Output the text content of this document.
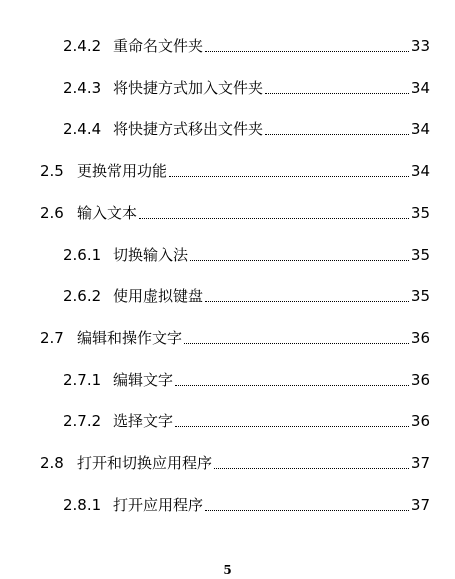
2.4.2 重命名文件夹	33
2.4.3 将快捷方式加入文件夹	34
2.4.4 将快捷方式移出文件夹	34
2.5 更换常用功能	34
2.6 输入文本	35
2.6.1 切换输入法	35
2.6.2 使用虚拟键盘	35
2.7 编辑和操作文字	36
2.7.1 编辑文字	36
2.7.2 选择文字	36
2.8 打开和切换应用程序	37
2.8.1 打开应用程序	37
5
